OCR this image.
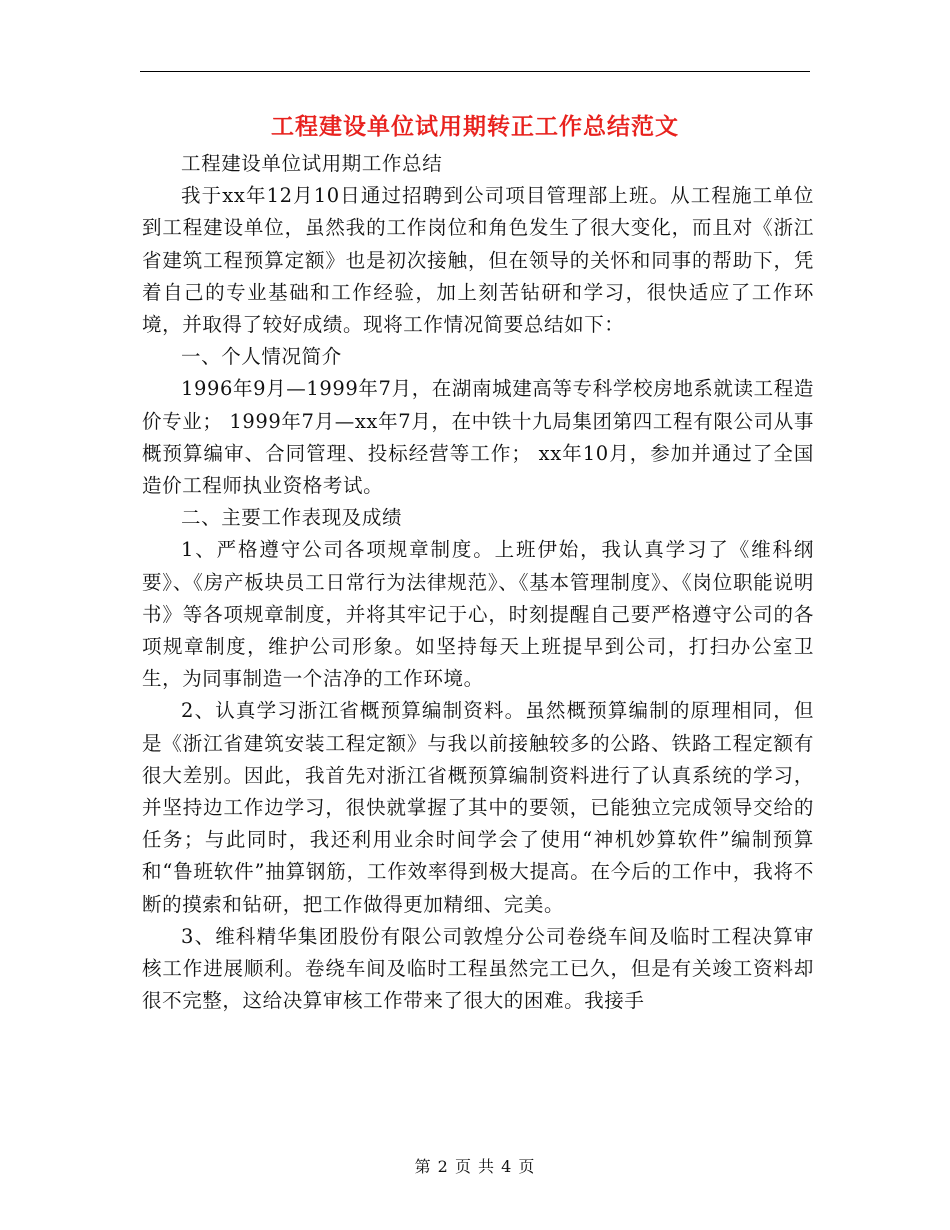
工程建设单位试用期转正工作总结范文

工程建设单位试用期工作总结

我于xx年12月10日通过招聘到公司项目管理部上班。从工程施工单位到工程建设单位，虽然我的工作岗位和角色发生了很大变化，而且对《浙江省建筑工程预算定额》也是初次接触，但在领导的关怀和同事的帮助下，凭着自己的专业基础和工作经验，加上刻苦钻研和学习，很快适应了工作环境，并取得了较好成绩。现将工作情况简要总结如下：

一、个人情况简介

1996年9月—1999年7月，在湖南城建高等专科学校房地系就读工程造价专业； 1999年7月—xx年7月，在中铁十九局集团第四工程有限公司从事概预算编审、合同管理、投标经营等工作； xx年10月，参加并通过了全国造价工程师执业资格考试。

二、主要工作表现及成绩

1、严格遵守公司各项规章制度。上班伊始，我认真学习了《维科纲要》、《房产板块员工日常行为法律规范》、《基本管理制度》、《岗位职能说明书》等各项规章制度，并将其牢记于心，时刻提醒自己要严格遵守公司的各项规章制度，维护公司形象。如坚持每天上班提早到公司，打扫办公室卫生，为同事制造一个洁净的工作环境。

2、认真学习浙江省概预算编制资料。虽然概预算编制的原理相同，但是《浙江省建筑安装工程定额》与我以前接触较多的公路、铁路工程定额有很大差别。因此，我首先对浙江省概预算编制资料进行了认真系统的学习，并坚持边工作边学习，很快就掌握了其中的要领，已能独立完成领导交给的任务；与此同时，我还利用业余时间学会了使用“神机妙算软件”编制预算和“鲁班软件”抽算钢筋，工作效率得到极大提高。在今后的工作中，我将不断的摸索和钻研，把工作做得更加精细、完美。

3、维科精华集团股份有限公司敦煌分公司卷绕车间及临时工程决算审核工作进展顺利。卷绕车间及临时工程虽然完工已久，但是有关竣工资料却很不完整，这给决算审核工作带来了很大的困难。我接手

第 2 页 共 4 页
